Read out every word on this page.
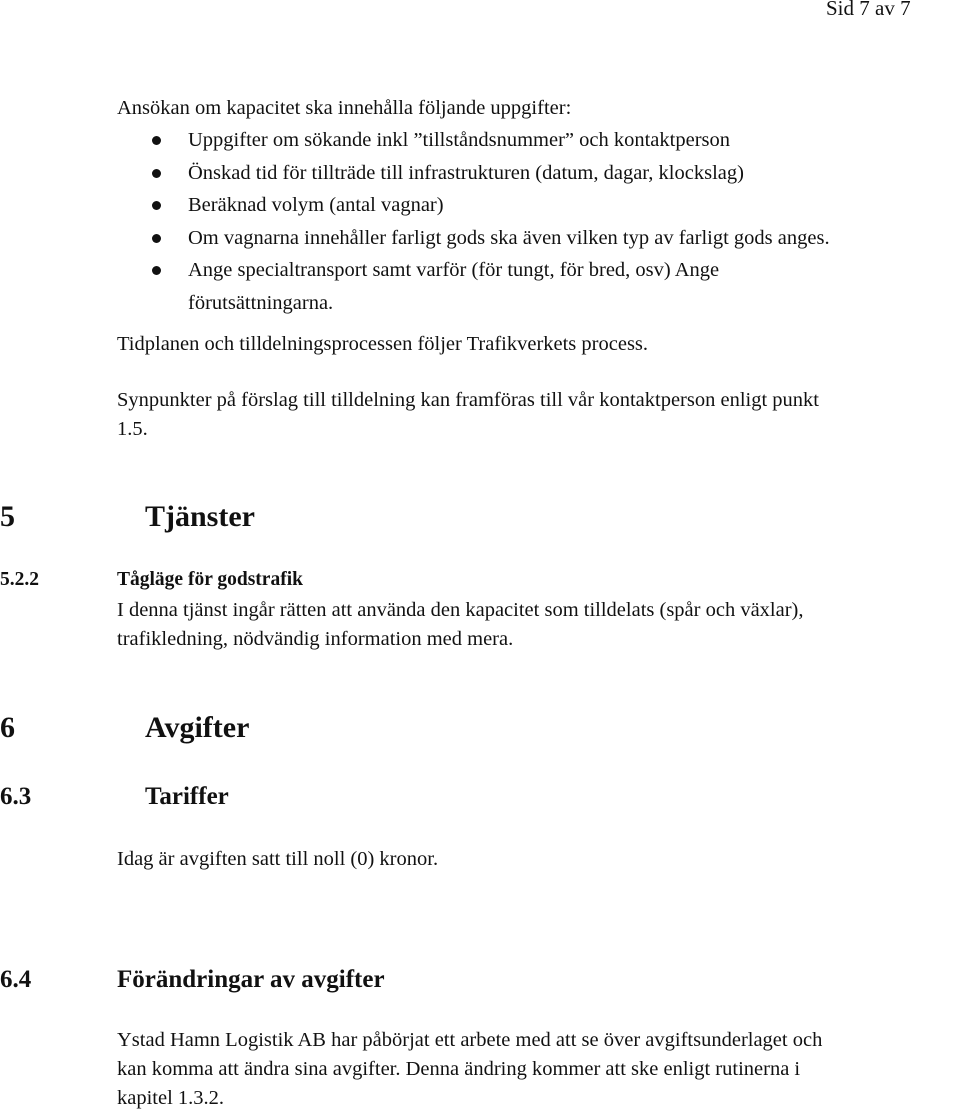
Sid 7 av 7
Ansökan om kapacitet ska innehålla följande uppgifter:
Uppgifter om sökande inkl ”tillståndsnummer” och kontaktperson
Önskad tid för tillträde till infrastrukturen (datum, dagar, klockslag)
Beräknad volym (antal vagnar)
Om vagnarna innehåller farligt gods ska även vilken typ av farligt gods anges.
Ange specialtransport samt varför (för tungt, för bred, osv) Ange
förutsättningarna.
Tidplanen och tilldelningsprocessen följer Trafikverkets process.
Synpunkter på förslag till tilldelning kan framföras till vår kontaktperson enligt punkt
1.5.
5	Tjänster
5.2.2	Tågläge för godstrafik
I denna tjänst ingår rätten att använda den kapacitet som tilldelats (spår och växlar),
trafikledning, nödvändig information med mera.
6	Avgifter
6.3	Tariffer
Idag är avgiften satt till noll (0) kronor.
6.4	Förändringar av avgifter
Ystad Hamn Logistik AB har påbörjat ett arbete med att se över avgiftsunderlaget och
kan komma att ändra sina avgifter. Denna ändring kommer att ske enligt rutinerna i
kapitel 1.3.2.
